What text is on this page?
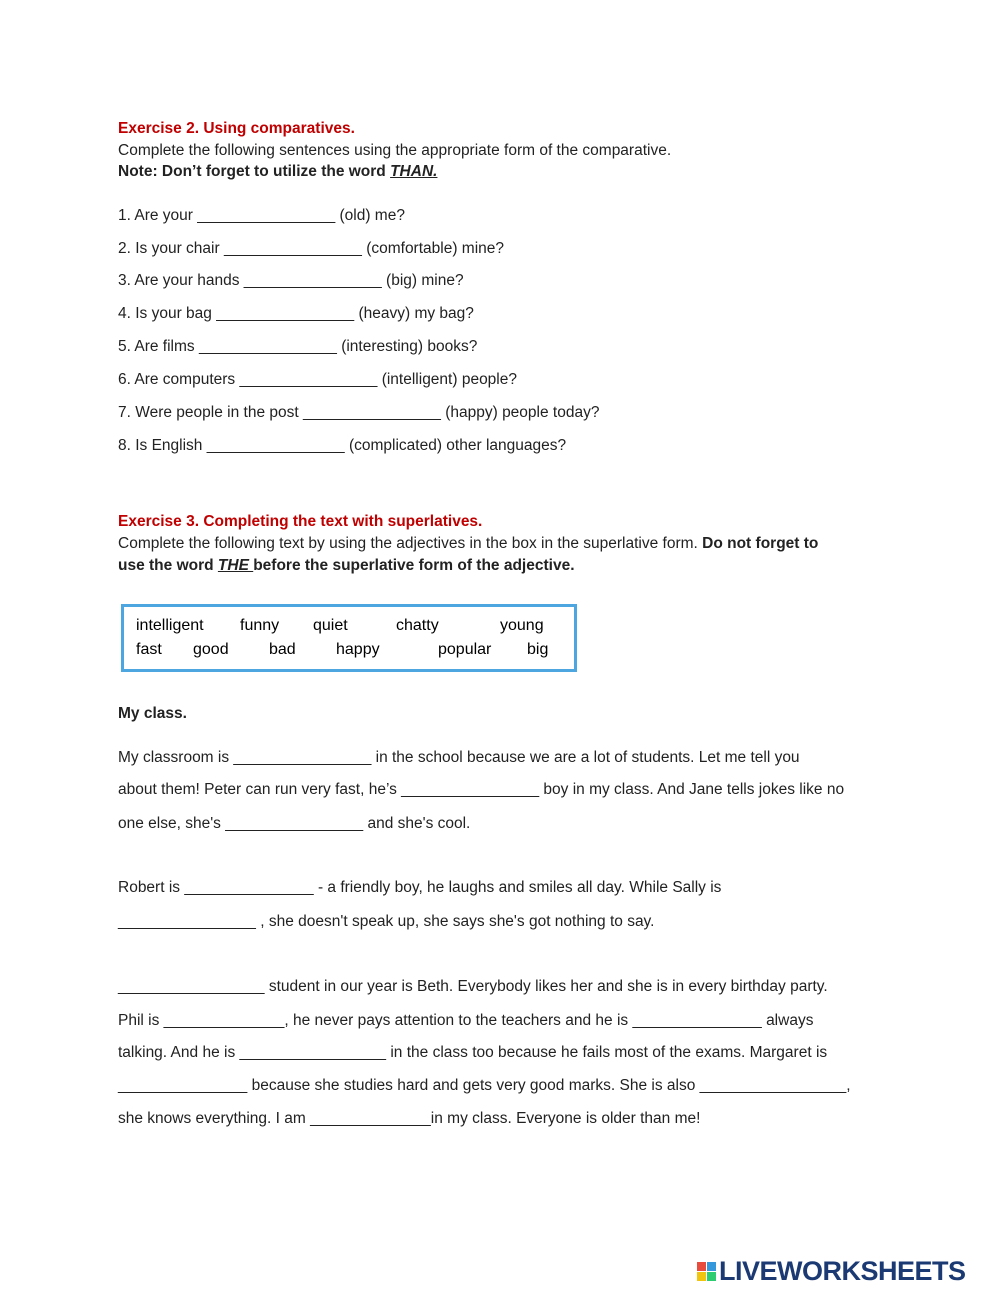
Exercise 2. Using comparatives.
Complete the following sentences using the appropriate form of the comparative.
Note: Don’t forget to utilize the word THAN.
1. Are your ________________ (old) me?
2. Is your chair ________________ (comfortable) mine?
3. Are your hands ________________ (big) mine?
4. Is your bag ________________ (heavy) my bag?
5. Are films ________________ (interesting) books?
6. Are computers ________________ (intelligent) people?
7. Were people in the post ________________ (happy) people today?
8. Is English ________________ (complicated) other languages?
Exercise 3. Completing the text with superlatives.
Complete the following text by using the adjectives in the box in the superlative form. Do not forget to
use the word THE before the superlative form of the adjective.
intelligent funny quiet	chatty	young
fast good	bad	happy	popular big
My class.
My classroom is ________________ in the school because we are a lot of students. Let me tell you
about them! Peter can run very fast, he’s ________________ boy in my class. And Jane tells jokes like no
one else, she's ________________ and she's cool.
Robert is _______________ - a friendly boy, he laughs and smiles all day. While Sally is
________________ , she doesn't speak up, she says she's got nothing to say.
_________________ student in our year is Beth. Everybody likes her and she is in every birthday party.
Phil is ______________, he never pays attention to the teachers and he is _______________ always
talking. And he is _________________ in the class too because he fails most of the exams. Margaret is
_______________ because she studies hard and gets very good marks. She is also _________________,
she knows everything. I am ______________in my class. Everyone is older than me!
LIVEWORKSHEETS
